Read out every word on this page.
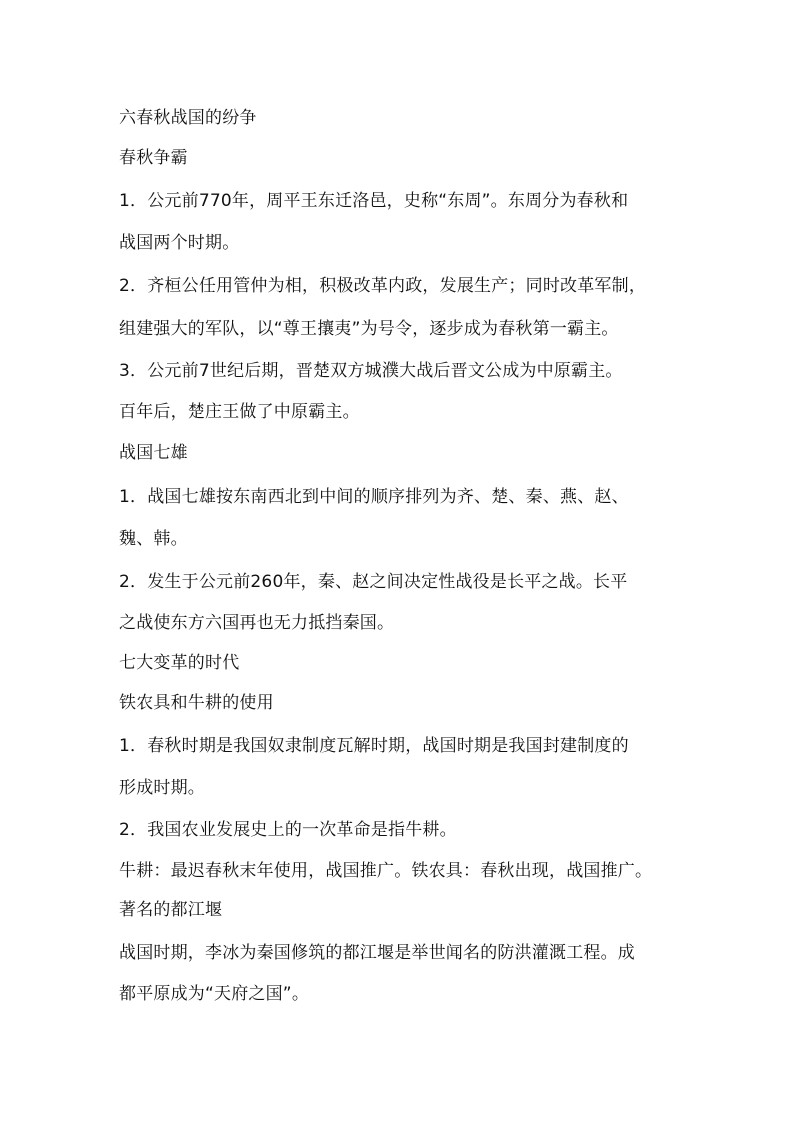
六春秋战国的纷争
春秋争霸
1．公元前770年，周平王东迁洛邑，史称“东周”。东周分为春秋和
战国两个时期。
2．齐桓公任用管仲为相，积极改革内政，发展生产；同时改革军制，
组建强大的军队，以“尊王攘夷”为号令，逐步成为春秋第一霸主。
3．公元前7世纪后期，晋楚双方城濮大战后晋文公成为中原霸主。
百年后，楚庄王做了中原霸主。
战国七雄
1．战国七雄按东南西北到中间的顺序排列为齐、楚、秦、燕、赵、
魏、韩。
2．发生于公元前260年，秦、赵之间决定性战役是长平之战。长平
之战使东方六国再也无力抵挡秦国。
七大变革的时代
铁农具和牛耕的使用
1．春秋时期是我国奴隶制度瓦解时期，战国时期是我国封建制度的
形成时期。
2．我国农业发展史上的一次革命是指牛耕。
牛耕：最迟春秋末年使用，战国推广。铁农具：春秋出现，战国推广。
著名的都江堰
战国时期，李冰为秦国修筑的都江堰是举世闻名的防洪灌溉工程。成
都平原成为“天府之国”。
